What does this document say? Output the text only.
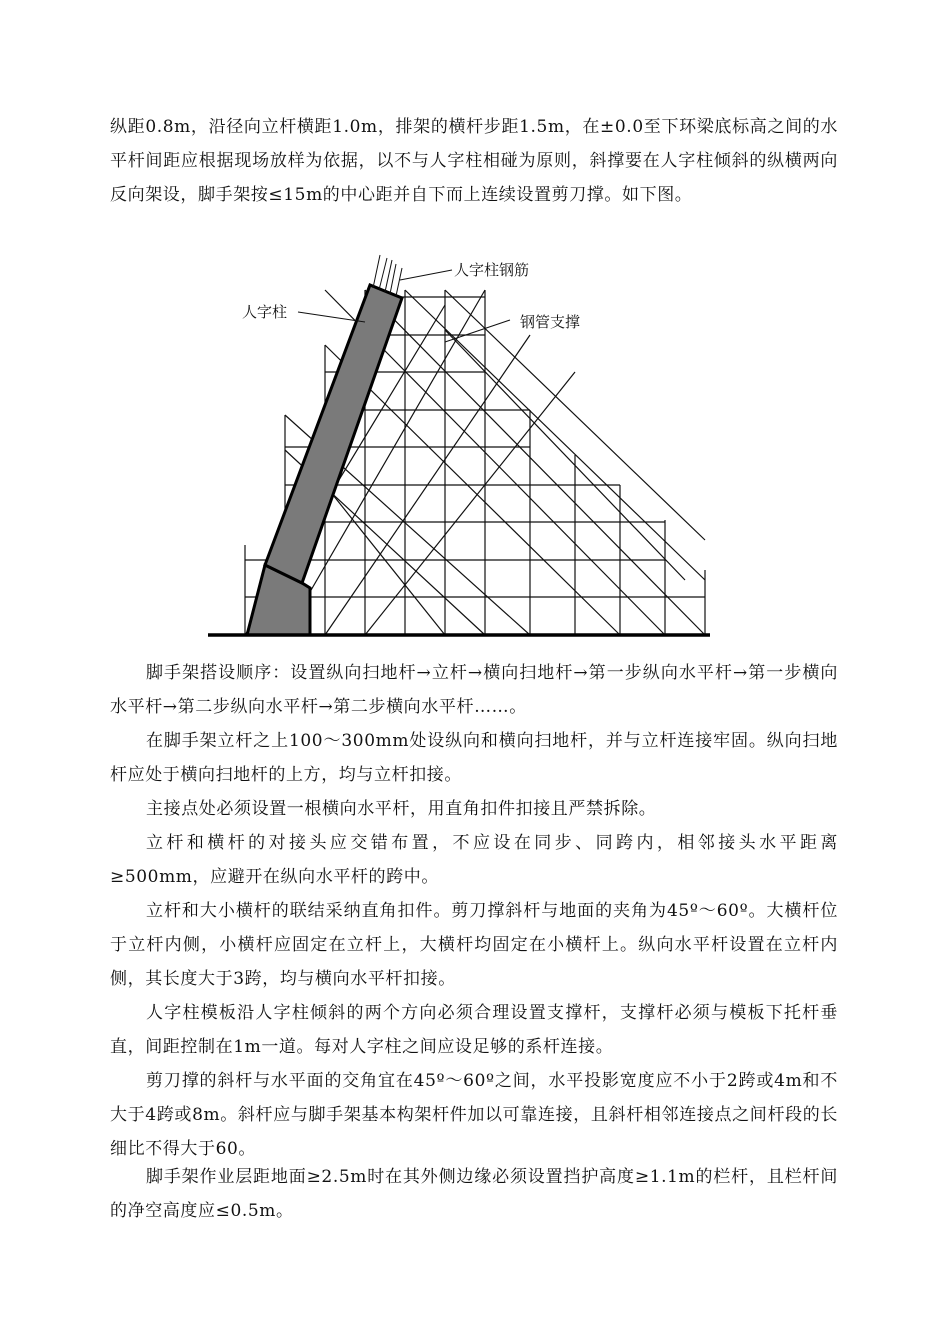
纵距0.8m，沿径向立杆横距1.0m，排架的横杆步距1.5m，在±0.0至下环梁底标高之间的水平杆间距应根据现场放样为依据，以不与人字柱相碰为原则，斜撑要在人字柱倾斜的纵横两向反向架设，脚手架按≤15m的中心距并自下而上连续设置剪刀撑。如下图。

人字柱
人字柱钢筋
钢管支撑

脚手架搭设顺序：设置纵向扫地杆→立杆→横向扫地杆→第一步纵向水平杆→第一步横向水平杆→第二步纵向水平杆→第二步横向水平杆……。

在脚手架立杆之上100～300mm处设纵向和横向扫地杆，并与立杆连接牢固。纵向扫地杆应处于横向扫地杆的上方，均与立杆扣接。

主接点处必须设置一根横向水平杆，用直角扣件扣接且严禁拆除。

立杆和横杆的对接头应交错布置，不应设在同步、同跨内，相邻接头水平距离≥500mm，应避开在纵向水平杆的跨中。

立杆和大小横杆的联结采纳直角扣件。剪刀撑斜杆与地面的夹角为45º～60º。大横杆位于立杆内侧，小横杆应固定在立杆上，大横杆均固定在小横杆上。纵向水平杆设置在立杆内侧，其长度大于3跨，均与横向水平杆扣接。

人字柱模板沿人字柱倾斜的两个方向必须合理设置支撑杆，支撑杆必须与模板下托杆垂直，间距控制在1m一道。每对人字柱之间应设足够的系杆连接。

剪刀撑的斜杆与水平面的交角宜在45º～60º之间，水平投影宽度应不小于2跨或4m和不大于4跨或8m。斜杆应与脚手架基本构架杆件加以可靠连接，且斜杆相邻连接点之间杆段的长细比不得大于60。

脚手架作业层距地面≥2.5m时在其外侧边缘必须设置挡护高度≥1.1m的栏杆，且栏杆间的净空高度应≤0.5m。
